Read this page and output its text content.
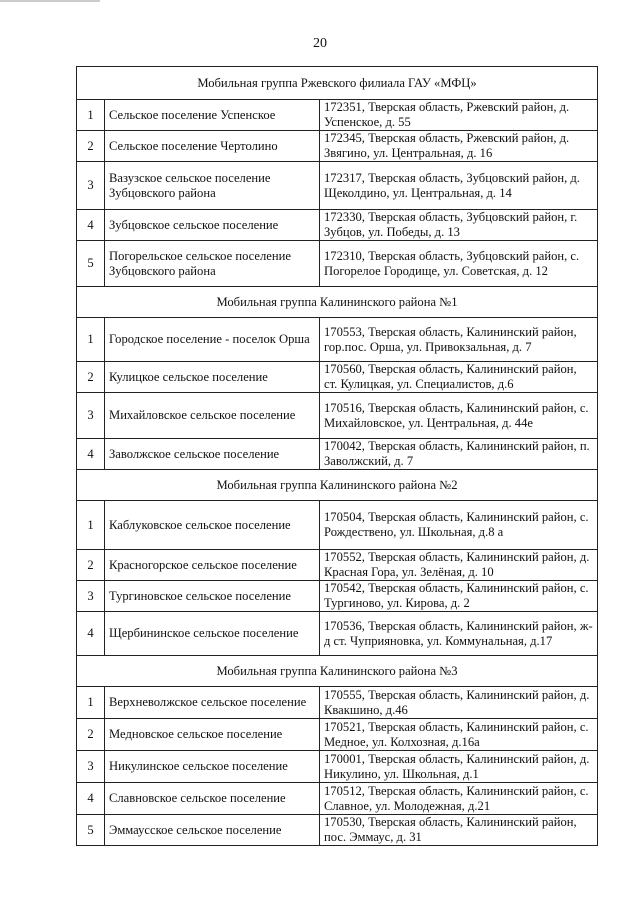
20
Мобильная группа Ржевского филиала ГАУ «МФЦ»		
1	Сельское поселение Успенское	172351, Тверская область, Ржевский район, д. Успенское, д. 55
2	Сельское поселение Чертолино	172345, Тверская область, Ржевский район, д. Звягино, ул. Центральная, д. 16
3	Вазузское сельское поселение Зубцовского района	172317, Тверская область, Зубцовский район, д. Щеколдино, ул. Центральная, д. 14
4	Зубцовское сельское поселение	172330, Тверская область, Зубцовский район, г. Зубцов, ул. Победы, д. 13
5	Погорельское сельское поселение Зубцовского района	172310, Тверская область, Зубцовский район, с. Погорелое Городище, ул. Советская, д. 12
Мобильная группа Калининского района №1		
1	Городское поселение - поселок Орша	170553, Тверская область, Калининский район, гор.пос. Орша, ул. Привокзальная, д. 7
2	Кулицкое сельское поселение	170560, Тверская область, Калининский район, ст. Кулицкая, ул. Специалистов, д.6
3	Михайловское сельское поселение	170516, Тверская область, Калининский район, с. Михайловское, ул. Центральная, д. 44е
4	Заволжское сельское поселение	170042, Тверская область, Калининский район, п. Заволжский, д. 7
Мобильная группа Калининского района №2		
1	Каблуковское сельское поселение	170504, Тверская область, Калининский район, с. Рождествено, ул. Школьная, д.8 а
2	Красногорское сельское поселение	170552, Тверская область, Калининский район, д. Красная Гора, ул. Зелёная, д. 10
3	Тургиновское сельское поселение	170542, Тверская область, Калининский район, с. Тургиново, ул. Кирова, д. 2
4	Щербининское сельское поселение	170536, Тверская область, Калининский район, ж-д ст. Чуприяновка, ул. Коммунальная, д.17
Мобильная группа Калининского района №3		
1	Верхневолжское сельское поселение	170555, Тверская область, Калининский район, д. Квакшино, д.46
2	Медновское сельское поселение	170521, Тверская область, Калининский район, с. Медное, ул. Колхозная, д.16а
3	Никулинское сельское поселение	170001, Тверская область, Калининский район, д. Никулино, ул. Школьная, д.1
4	Славновское сельское поселение	170512, Тверская область, Калининский район, с. Славное, ул. Молодежная, д.21
5	Эммаусское сельское поселение	170530, Тверская область, Калининский район, пос. Эммаус, д. 31
